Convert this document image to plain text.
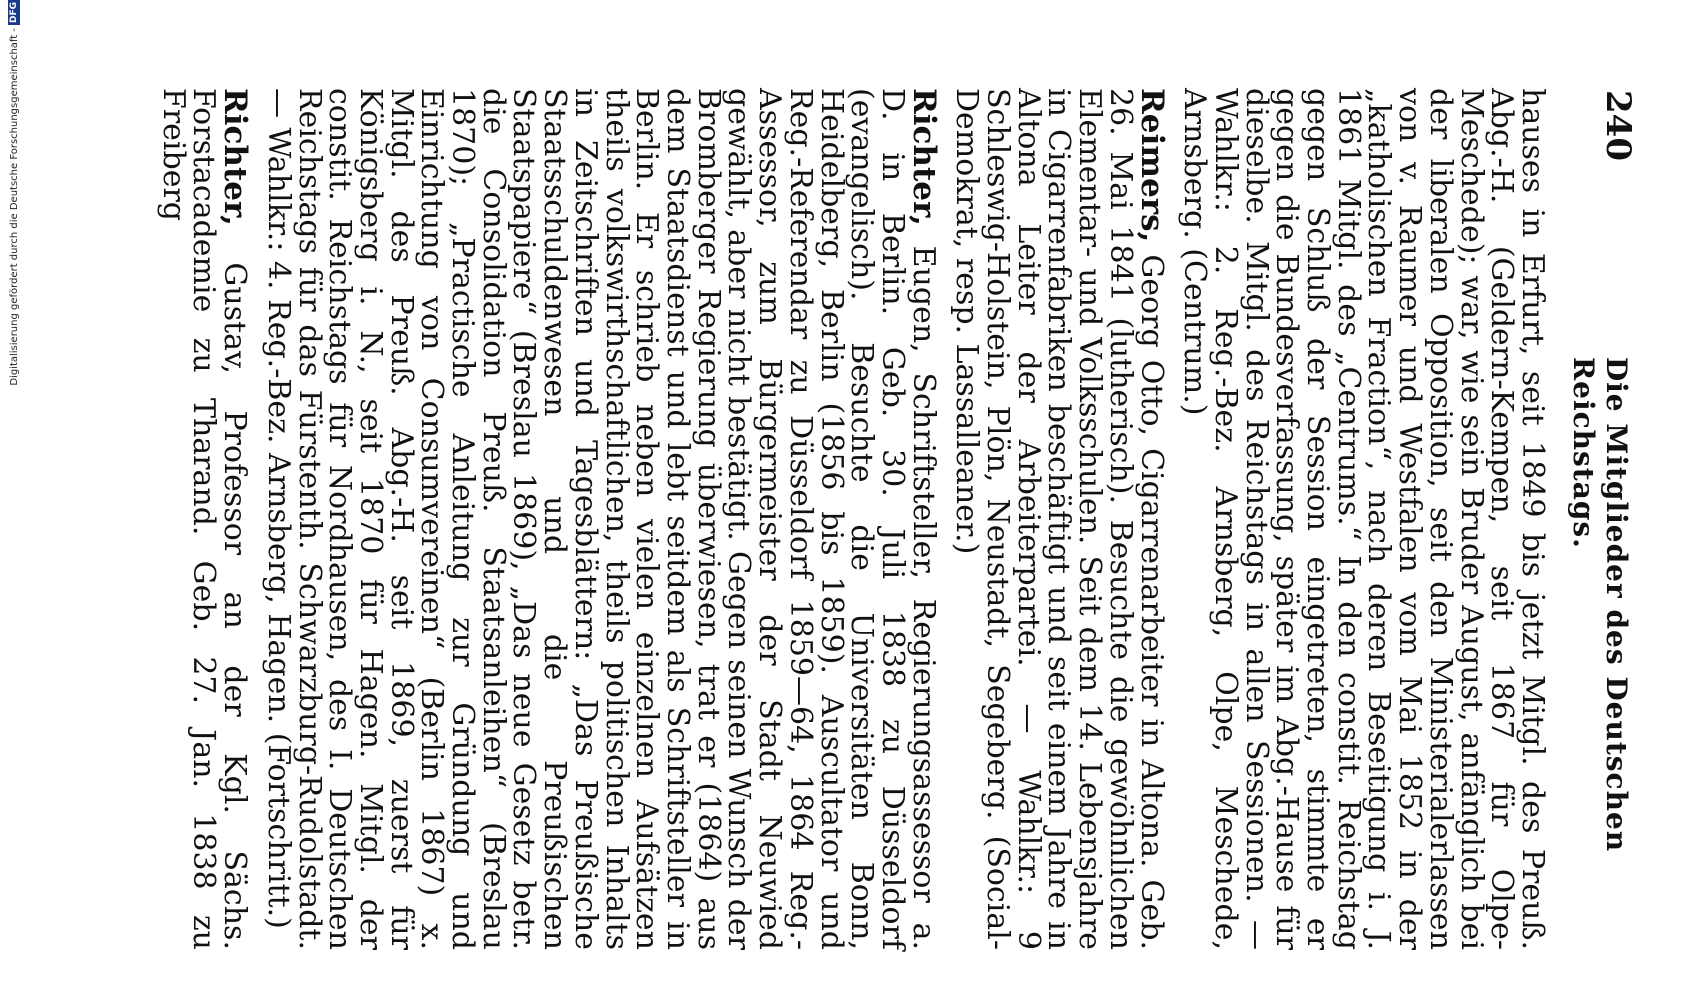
240
Die Mitglieder des Deutschen Reichstags.

hauses in Erfurt, seit 1849 bis jetzt Mitgl. des Preuß. Abg.-H. (Geldern-Kempen, seit 1867 für Olpe-Meschede); war, wie sein Bruder August, anfänglich bei der liberalen Opposition, seit den Ministerialerlassen von v. Raumer und Westfalen vom Mai 1852 in der „katholischen Fraction“, nach deren Beseitigung i. J. 1861 Mitgl. des „Centrums.“ In den constit. Reichstag gegen Schluß der Session eingetreten, stimmte er gegen die Bundesverfassung, später im Abg.-Hause für dieselbe. Mitgl. des Reichstags in allen Sessionen. — Wahlkr.: 2. Reg.-Bez. Arnsberg, Olpe, Meschede, Arnsberg. (Centrum.)

Reimers, Georg Otto, Cigarrenarbeiter in Altona. Geb. 26. Mai 1841 (lutherisch). Besuchte die gewöhnlichen Elementar- und Volksschulen. Seit dem 14. Lebensjahre in Cigarrenfabriken beschäftigt und seit einem Jahre in Altona Leiter der Arbeiterpartei. — Wahlkr.: 9 Schleswig-Holstein, Plön, Neustadt, Segeberg. (Social-Demokrat, resp. Lassalleaner.)

Richter, Eugen, Schriftsteller, Regierungsassessor a. D. in Berlin. Geb. 30. Juli 1838 zu Düsseldorf (evangelisch). Besuchte die Universitäten Bonn, Heidelberg, Berlin (1856 bis 1859). Auscultator und Reg.-Referendar zu Düsseldorf 1859—64, 1864 Reg.-Assessor, zum Bürgermeister der Stadt Neuwied gewählt, aber nicht bestätigt. Gegen seinen Wunsch der Bromberger Regierung überwiesen, trat er (1864) aus dem Staatsdienst und lebt seitdem als Schriftsteller in Berlin. Er schrieb neben vielen einzelnen Aufsätzen theils volkswirthschaftlichen, theils politischen Inhalts in Zeitschriften und Tagesblättern: „Das Preußische Staatsschuldenwesen und die Preußischen Staatspapiere“ (Breslau 1869), „Das neue Gesetz betr. die Consolidation Preuß. Staatsanleihen“ (Breslau 1870); „Practische Anleitung zur Gründung und Einrichtung von Consumvereinen“ (Berlin 1867) x. Mitgl. des Preuß. Abg.-H. seit 1869, zuerst für Königsberg i. N., seit 1870 für Hagen. Mitgl. der constit. Reichstags für Nordhausen, des I. Deutschen Reichstags für das Fürstenth. Schwarzburg-Rudolstadt. — Wahlkr.: 4. Reg.-Bez. Arnsberg, Hagen. (Fortschritt.)

Richter, Gustav, Professor an der Kgl. Sächs. Forstacademie zu Tharand. Geb. 27. Jan. 1838 zu Freiberg

Digitalisierung gefördert durch die Deutsche Forschungsgemeinschaft -
DFG
